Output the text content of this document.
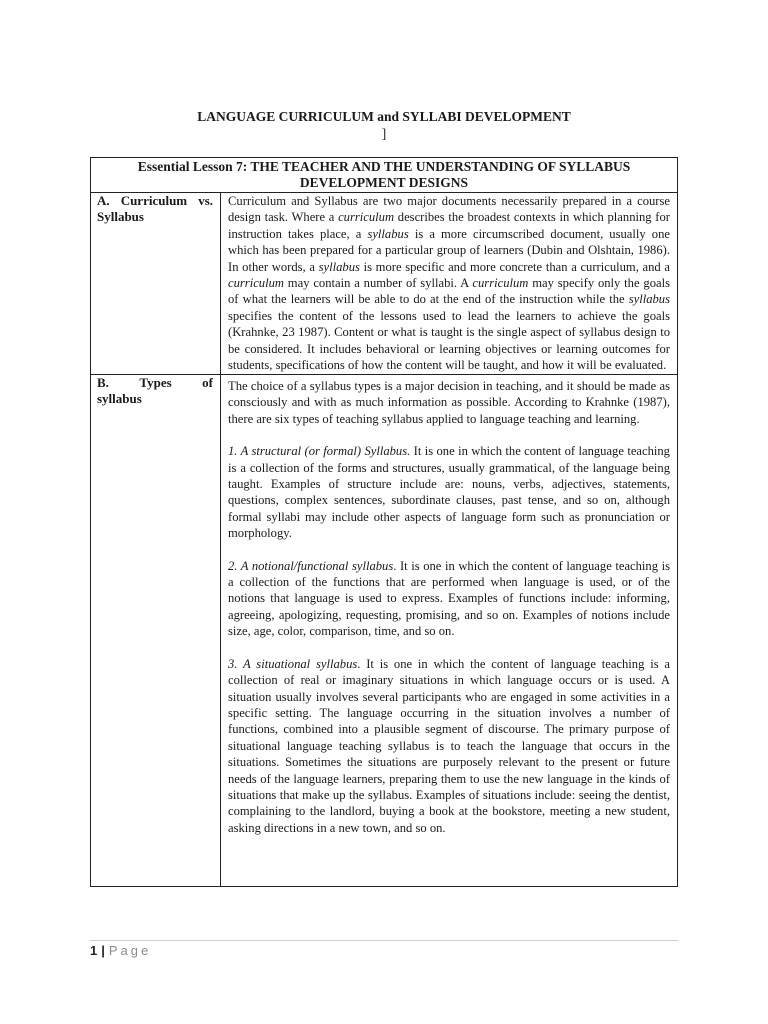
LANGUAGE CURRICULUM and SYLLABI DEVELOPMENT
]
Essential Lesson 7: THE TEACHER AND THE UNDERSTANDING OF SYLLABUS DEVELOPMENT DESIGNS	
A. Curriculum vs. Syllabus	Curriculum and Syllabus are two major documents necessarily prepared in a course design task. Where a curriculum describes the broadest contexts in which planning for instruction takes place, a syllabus is a more circumscribed document, usually one which has been prepared for a particular group of learners (Dubin and Olshtain, 1986). In other words, a syllabus is more specific and more concrete than a curriculum, and a curriculum may contain a number of syllabi. A curriculum may specify only the goals of what the learners will be able to do at the end of the instruction while the syllabus specifies the content of the lessons used to lead the learners to achieve the goals (Krahnke, 23 1987). Content or what is taught is the single aspect of syllabus design to be considered. It includes behavioral or learning objectives or learning outcomes for students, specifications of how the content will be taught, and how it will be evaluated.

B.        Types        of syllabus	The choice of a syllabus types is a major decision in teaching, and it should be made as consciously and with as much information as possible. According to Krahnke (1987), there are six types of teaching syllabus applied to language teaching and learning.

1. A structural (or formal) Syllabus. It is one in which the content of language teaching is a collection of the forms and structures, usually grammatical, of the language being taught. Examples of structure include are: nouns, verbs, adjectives, statements, questions, complex sentences, subordinate clauses, past tense, and so on, although formal syllabi may include other aspects of language form such as pronunciation or morphology.

2. A notional/functional syllabus. It is one in which the content of language teaching is a collection of the functions that are performed when language is used, or of the notions that language is used to express. Examples of functions include: informing, agreeing, apologizing, requesting, promising, and so on. Examples of notions include size, age, color, comparison, time, and so on.

3. A situational syllabus. It is one in which the content of language teaching is a collection of real or imaginary situations in which language occurs or is used. A situation usually involves several participants who are engaged in some activities in a specific setting. The language occurring in the situation involves a number of functions, combined into a plausible segment of discourse. The primary purpose of situational language teaching syllabus is to teach the language that occurs in the situations. Sometimes the situations are purposely relevant to the present or future needs of the language learners, preparing them to use the new language in the kinds of situations that make up the syllabus. Examples of situations include: seeing the dentist, complaining to the landlord, buying a book at the bookstore, meeting a new student, asking directions in a new town, and so on.

1 | Page
